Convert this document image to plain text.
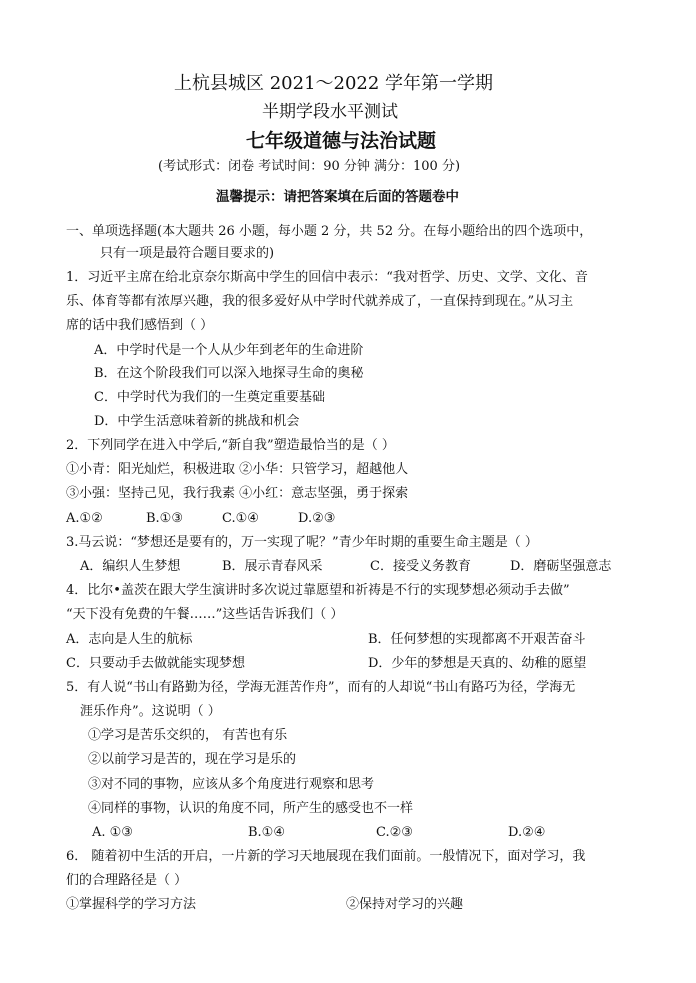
上杭县城区 2021～2022 学年第一学期
半期学段水平测试
七年级道德与法治试题
(考试形式：闭卷 考试时间：90 分钟 满分：100 分)
温馨提示：请把答案填在后面的答题卷中
一、单项选择题(本大题共 26 小题，每小题 2 分，共 52 分。在每小题给出的四个选项中，
只有一项是最符合题目要求的)
1．习近平主席在给北京奈尔斯高中学生的回信中表示：“我对哲学、历史、文学、文化、音
乐、体育等都有浓厚兴趣，我的很多爱好从中学时代就养成了，一直保持到现在。”从习主
席的话中我们感悟到（ ）
A．中学时代是一个人从少年到老年的生命进阶
B．在这个阶段我们可以深入地探寻生命的奥秘
C．中学时代为我们的一生奠定重要基础
D．中学生活意味着新的挑战和机会
2．下列同学在进入中学后,“新自我”塑造最恰当的是（ ）
①小青：阳光灿烂，积极进取 ②小华：只管学习，超越他人
③小强：坚持己见，我行我素 ④小红：意志坚强，勇于探索
A.①②	B.①③	C.①④	D.②③
3.马云说：“梦想还是要有的，万一实现了呢？”青少年时期的重要生命主题是（ ）
A．编织人生梦想	B．展示青春风采	C．接受义务教育	D．磨砺坚强意志
4．比尔•盖茨在跟大学生演讲时多次说过靠愿望和祈祷是不行的实现梦想必须动手去做”
“天下没有免费的午餐……”这些话告诉我们（ ）
A．志向是人生的航标	B．任何梦想的实现都离不开艰苦奋斗
C．只要动手去做就能实现梦想	D．少年的梦想是天真的、幼稚的愿望
5．有人说“书山有路勤为径，学海无涯苦作舟”，而有的人却说“书山有路巧为径，学海无
涯乐作舟”。这说明（ ）
①学习是苦乐交织的， 有苦也有乐
②以前学习是苦的，现在学习是乐的
③对不同的事物，应该从多个角度进行观察和思考
④同样的事物，认识的角度不同，所产生的感受也不一样
A. ①③	B.①④	C.②③	D.②④
6． 随着初中生活的开启，一片新的学习天地展现在我们面前。一般情况下，面对学习，我
们的合理路径是（ ）
①掌握科学的学习方法	②保持对学习的兴趣
